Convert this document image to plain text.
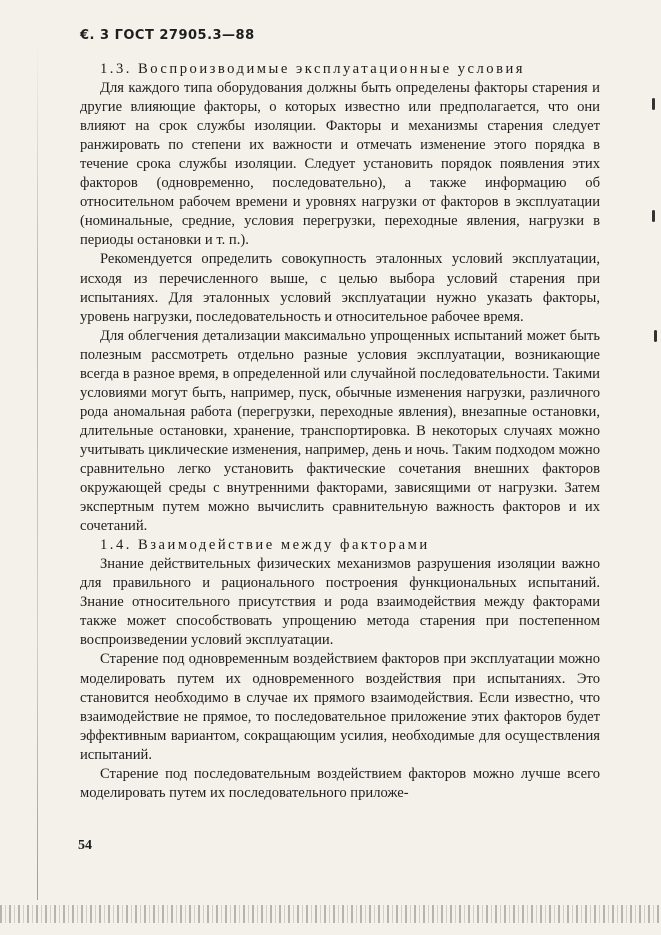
€. 3 ГОСТ 27905.3—88
1.3. Воспроизводимые эксплуатационные условия

Для каждого типа оборудования должны быть определены факторы старения и другие влияющие факторы, о которых известно или предполагается, что они влияют на срок службы изоляции. Факторы и механизмы старения следует ранжировать по степени их важности и отмечать изменение этого порядка в течение срока службы изоляции. Следует установить порядок появления этих факторов (одновременно, последовательно), а также информацию об относительном рабочем времени и уровнях нагрузки от факторов в эксплуатации (номинальные, средние, условия перегрузки, переходные явления, нагрузки в периоды остановки и т. п.).

Рекомендуется определить совокупность эталонных условий эксплуатации, исходя из перечисленного выше, с целью выбора условий старения при испытаниях. Для эталонных условий эксплуатации нужно указать факторы, уровень нагрузки, последовательность и относительное рабочее время.

Для облегчения детализации максимально упрощенных испытаний может быть полезным рассмотреть отдельно разные условия эксплуатации, возникающие всегда в разное время, в определенной или случайной последовательности. Такими условиями могут быть, например, пуск, обычные изменения нагрузки, различного рода аномальная работа (перегрузки, переходные явления), внезапные остановки, длительные остановки, хранение, транспортировка. В некоторых случаях можно учитывать циклические изменения, например, день и ночь. Таким подходом можно сравнительно легко установить фактические сочетания внешних факторов окружающей среды с внутренними факторами, зависящими от нагрузки. Затем экспертным путем можно вычислить сравнительную важность факторов и их сочетаний.

1.4. Взаимодействие между факторами

Знание действительных физических механизмов разрушения изоляции важно для правильного и рационального построения функциональных испытаний. Знание относительного присутствия и рода взаимодействия между факторами также может способствовать упрощению метода старения при постепенном воспроизведении условий эксплуатации.

Старение под одновременным воздействием факторов при эксплуатации можно моделировать путем их одновременного воздействия при испытаниях. Это становится необходимо в случае их прямого взаимодействия. Если известно, что взаимодействие не прямое, то последовательное приложение этих факторов будет эффективным вариантом, сокращающим усилия, необходимые для осуществления испытаний.

Старение под последовательным воздействием факторов можно лучше всего моделировать путем их последовательного приложе-

54
